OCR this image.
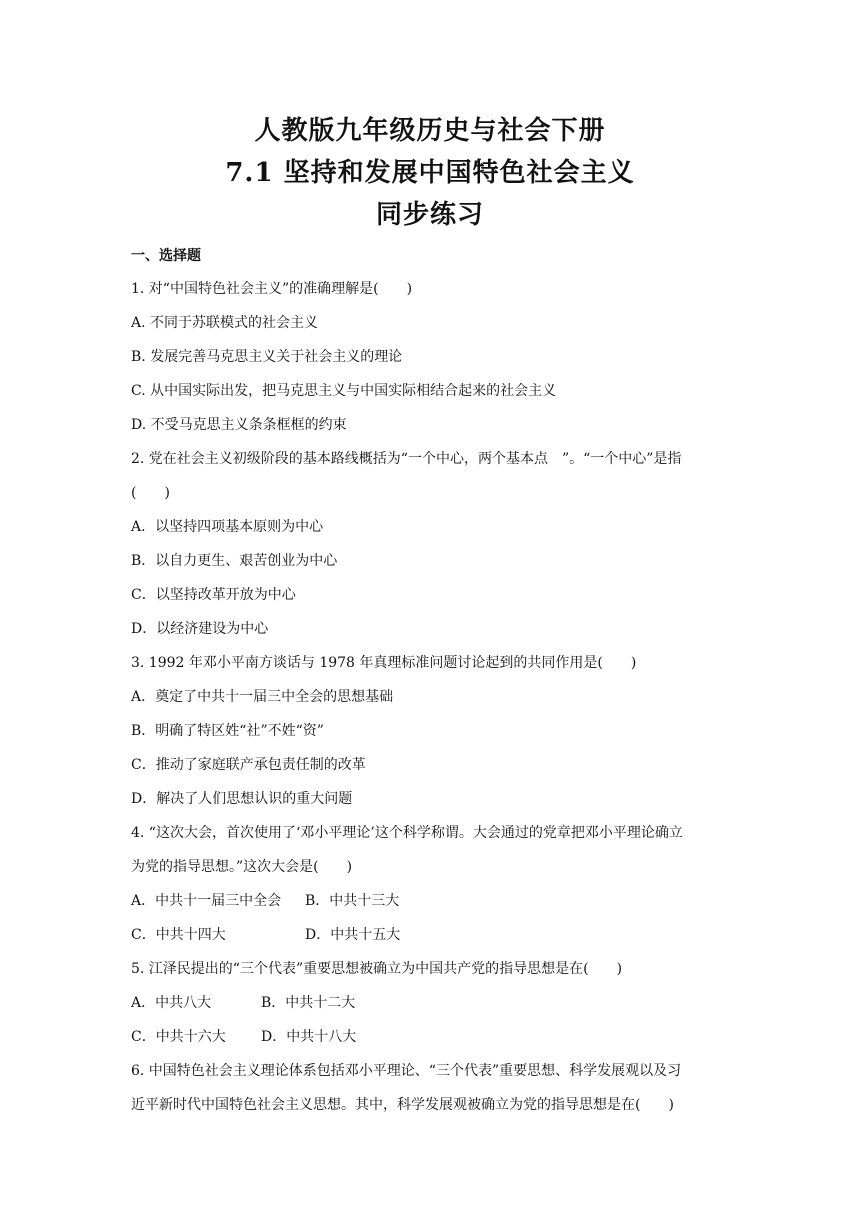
人教版九年级历史与社会下册
7.1 坚持和发展中国特色社会主义
同步练习
一、选择题
1. 对“中国特色社会主义”的准确理解是(　　)
A. 不同于苏联模式的社会主义
B. 发展完善马克思主义关于社会主义的理论
C. 从中国实际出发，把马克思主义与中国实际相结合起来的社会主义
D. 不受马克思主义条条框框的约束
2. 党在社会主义初级阶段的基本路线概括为“一个中心，两个基本点　”。“一个中心”是指
(　　)
A．以坚持四项基本原则为中心
B．以自力更生、艰苦创业为中心
C．以坚持改革开放为中心
D．以经济建设为中心
3. 1992 年邓小平南方谈话与 1978 年真理标准问题讨论起到的共同作用是(　　)
A．奠定了中共十一届三中全会的思想基础
B．明确了特区姓“社”不姓“资”
C．推动了家庭联产承包责任制的改革
D．解决了人们思想认识的重大问题
4. “这次大会，首次使用了‘邓小平理论’这个科学称谓。大会通过的党章把邓小平理论确立
为党的指导思想。”这次大会是(　　)
A．中共十一届三中全会	B．中共十三大
C．中共十四大	D．中共十五大
5. 江泽民提出的“三个代表”重要思想被确立为中国共产党的指导思想是在(　　)
A．中共八大	B．中共十二大
C．中共十六大	D．中共十八大
6. 中国特色社会主义理论体系包括邓小平理论、“三个代表”重要思想、科学发展观以及习
近平新时代中国特色社会主义思想。其中，科学发展观被确立为党的指导思想是在(　　)
